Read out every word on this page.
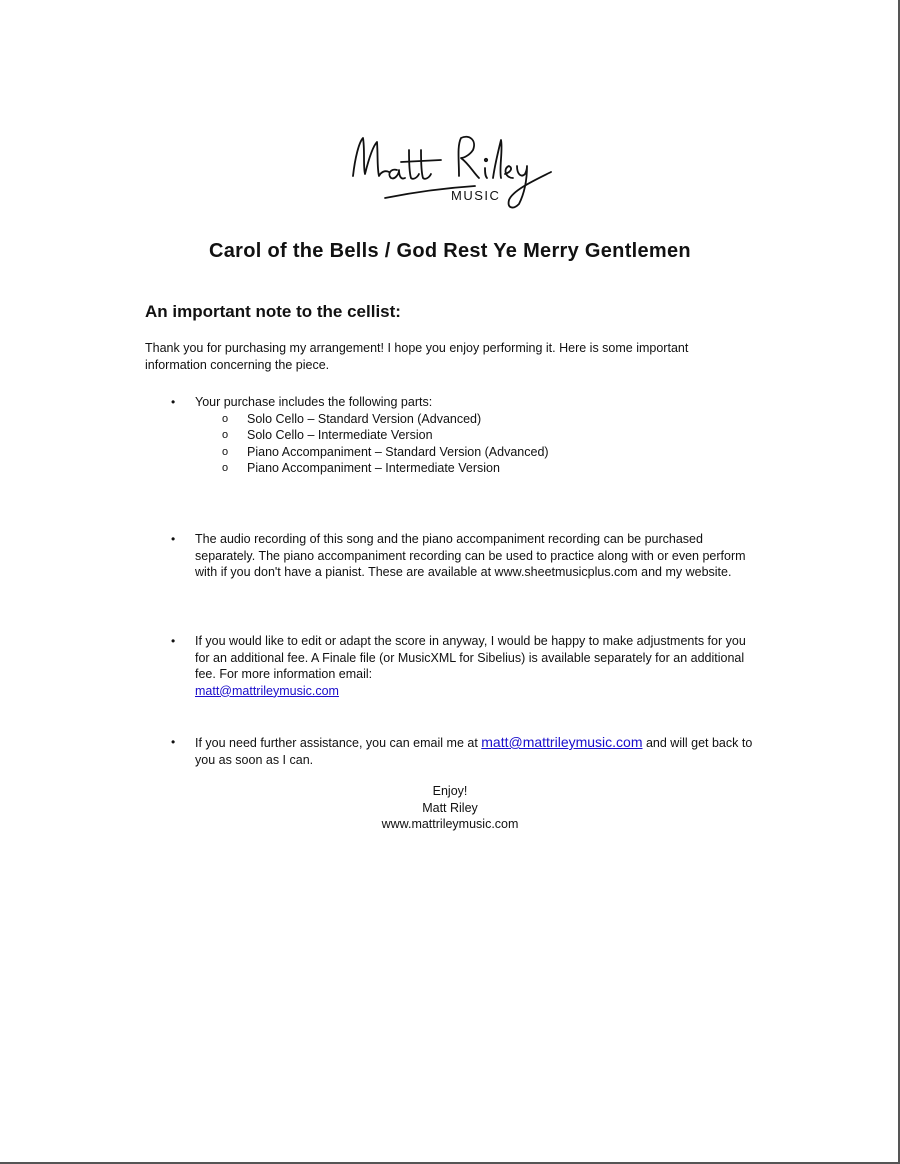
MUSIC
Carol of the Bells / God Rest Ye Merry Gentlemen
An important note to the cellist:
Thank you for purchasing my arrangement! I hope you enjoy performing it. Here is some important information concerning the piece.
• Your purchase includes the following parts:
o Solo Cello – Standard Version (Advanced)
o Solo Cello – Intermediate Version
o Piano Accompaniment – Standard Version (Advanced)
o Piano Accompaniment – Intermediate Version
• The audio recording of this song and the piano accompaniment recording can be purchased separately. The piano accompaniment recording can be used to practice along with or even perform with if you don't have a pianist. These are available at www.sheetmusicplus.com and my website.
• If you would like to edit or adapt the score in anyway, I would be happy to make adjustments for you for an additional fee. A Finale file (or MusicXML for Sibelius) is available separately for an additional fee. For more information email:
matt@mattrileymusic.com
• If you need further assistance, you can email me at matt@mattrileymusic.com and will get back to you as soon as I can.
Enjoy!
Matt Riley
www.mattrileymusic.com
